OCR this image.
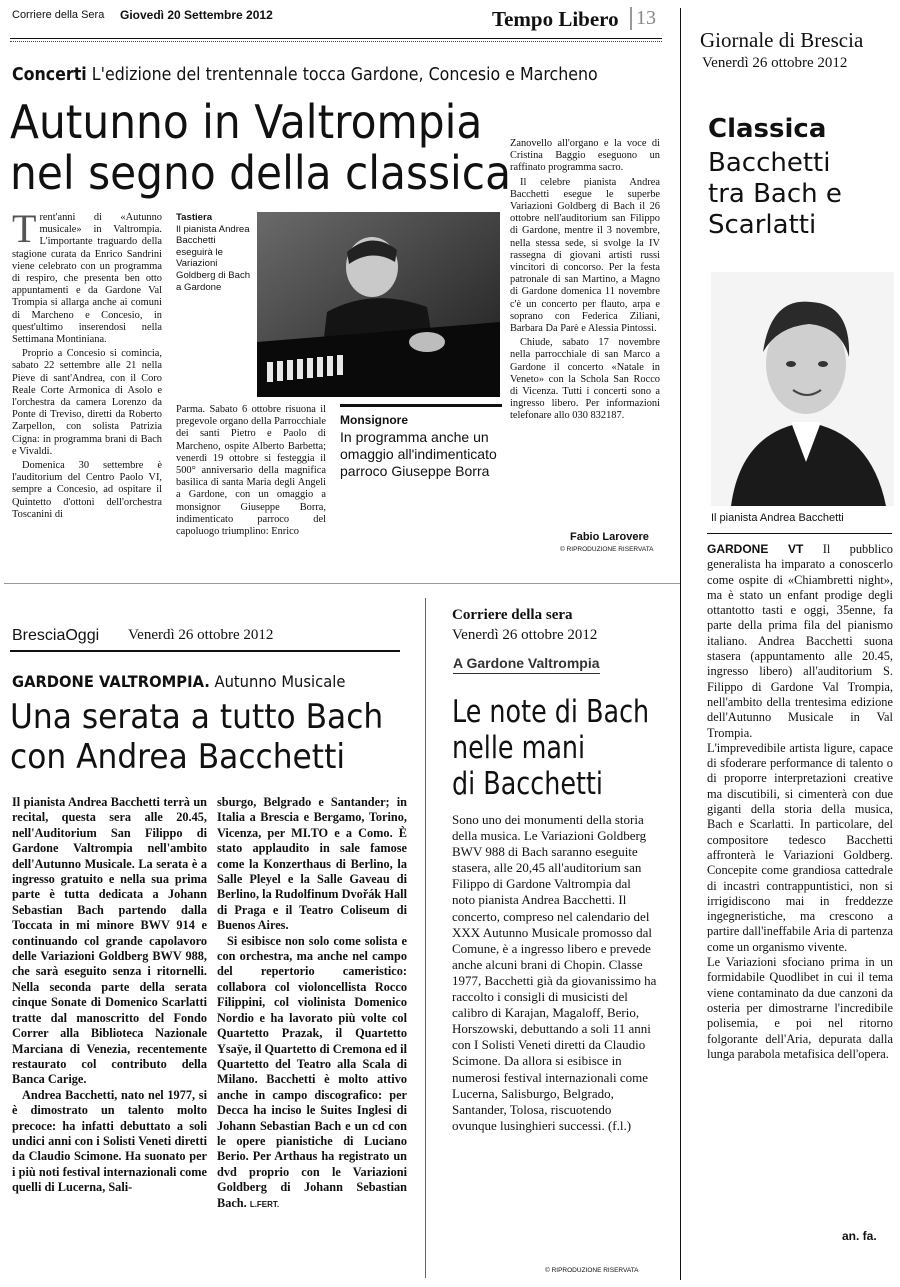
Corriere della Sera Giovedì 20 Settembre 2012	Tempo Libero 13
Concerti L'edizione del trentennale tocca Gardone, Concesio e Marcheno
Autunno in Valtrompia
nel segno della classica
T rent'anni di «Autunno musicale» in Valtrompia. L'importante traguardo della stagione curata da Enrico Sandrini viene celebrato con un programma di respiro, che presenta ben otto appuntamenti e da Gardone Val Trompia si allarga anche ai comuni di Marcheno e Concesio, in quest'ultimo inserendosi nella Settimana Montiniana.

Proprio a Concesio si comincia, sabato 22 settembre alle 21 nella Pieve di sant'Andrea, con il Coro Reale Corte Armonica di Asolo e l'orchestra da camera Lorenzo da Ponte di Treviso, diretti da Roberto Zarpellon, con solista Patrizia Cigna: in programma brani di Bach e Vivaldi.

Domenica 30 settembre è l'auditorium del Centro Paolo VI, sempre a Concesio, ad ospitare il Quintetto d'ottoni dell'orchestra Toscanini di

Tastiera
Il pianista Andrea Bacchetti eseguirà le Variazioni Goldberg di Bach a Gardone
Parma. Sabato 6 ottobre risuona il pregevole organo della Parrocchiale dei santi Pietro e Paolo di Marcheno, ospite Alberto Barbetta; venerdì 19 ottobre si festeggia il 500° anniversario della magnifica basilica di santa Maria degli Angeli a Gardone, con un omaggio a monsignor Giuseppe Borra, indimenticato parroco del capoluogo triumplino: Enrico
Monsignore
In programma anche un omaggio all'indimenticato parroco Giuseppe Borra

Zanovello all'organo e la voce di Cristina Baggio eseguono un raffinato programma sacro.

Il celebre pianista Andrea Bacchetti esegue le superbe Variazioni Goldberg di Bach il 26 ottobre nell'auditorium san Filippo di Gardone, mentre il 3 novembre, nella stessa sede, si svolge la IV rassegna di giovani artisti russi vincitori di concorso. Per la festa patronale di san Martino, a Magno di Gardone domenica 11 novembre c'è un concerto per flauto, arpa e soprano con Federica Ziliani, Barbara Da Parè e Alessia Pintossi.

Chiude, sabato 17 novembre nella parrocchiale di san Marco a Gardone il concerto «Natale in Veneto» con la Schola San Rocco di Vicenza. Tutti i concerti sono a ingresso libero. Per informazioni telefonare allo 030 832187.

Fabio Larovere
© RIPRODUZIONE RISERVATA
Giornale di Brescia
Venerdì 26 ottobre 2012
Classica
Bacchetti tra Bach e Scarlatti
Il pianista Andrea Bacchetti

GARDONE VT Il pubblico generalista ha imparato a conoscerlo come ospite di «Chiambretti night», ma è stato un enfant prodige degli ottantotto tasti e oggi, 35enne, fa parte della prima fila del pianismo italiano. Andrea Bacchetti suona stasera (appuntamento alle 20.45, ingresso libero) all'auditorium S. Filippo di Gardone Val Trompia, nell'ambito della trentesima edizione dell'Autunno Musicale in Val Trompia.

L'imprevedibile artista ligure, capace di sfoderare performance di talento o di proporre interpretazioni creative ma discutibili, si cimenterà con due giganti della storia della musica, Bach e Scarlatti. In particolare, del compositore tedesco Bacchetti affronterà le Variazioni Goldberg. Concepite come grandiosa cattedrale di incastri contrappuntistici, non si irrigidiscono mai in freddezze ingegneristiche, ma crescono a partire dall'ineffabile Aria di partenza come un organismo vivente.

Le Variazioni sfociano prima in un formidabile Quodlibet in cui il tema viene contaminato da due canzoni da osteria per dimostrarne l'incredibile polisemia, e poi nel ritorno folgorante dell'Aria, depurata dalla lunga parabola metafisica dell'opera.

an. fa.
BresciaOggi Venerdì 26 ottobre 2012
GARDONE VALTROMPIA. Autunno Musicale
Una serata a tutto Bach
con Andrea Bacchetti

Il pianista Andrea Bacchetti terrà un recital, questa sera alle 20.45, nell'Auditorium San Filippo di Gardone Valtrompia nell'ambito dell'Autunno Musicale. La serata è a ingresso gratuito e nella sua prima parte è tutta dedicata a Johann Sebastian Bach partendo dalla Toccata in mi minore BWV 914 e continuando col grande capolavoro delle Variazioni Goldberg BWV 988, che sarà eseguito senza i ritornelli. Nella seconda parte della serata cinque Sonate di Domenico Scarlatti tratte dal manoscritto del Fondo Correr alla Biblioteca Nazionale Marciana di Venezia, recentemente restaurato col contributo della Banca Carige.

Andrea Bacchetti, nato nel 1977, si è dimostrato un talento molto precoce: ha infatti debuttato a soli undici anni con i Solisti Veneti diretti da Claudio Scimone. Ha suonato per i più noti festival internazionali come quelli di Lucerna, Sali-

sburgo, Belgrado e Santander; in Italia a Brescia e Bergamo, Torino, Vicenza, per MI.TO e a Como. È stato applaudito in sale famose come la Konzerthaus di Berlino, la Salle Pleyel e la Salle Gaveau di Berlino, la Rudolfinum Dvořák Hall di Praga e il Teatro Coliseum di Buenos Aires.

Si esibisce non solo come solista e con orchestra, ma anche nel campo del repertorio cameristico: collabora col violoncellista Rocco Filippini, col violinista Domenico Nordio e ha lavorato più volte col Quartetto Prazak, il Quartetto Ysaÿe, il Quartetto di Cremona ed il Quartetto del Teatro alla Scala di Milano. Bacchetti è molto attivo anche in campo discografico: per Decca ha inciso le Suites Inglesi di Johann Sebastian Bach e un cd con le opere pianistiche di Luciano Berio. Per Arthaus ha registrato un dvd proprio con le Variazioni Goldberg di Johann Sebastian Bach. L.FERT.

Corriere della sera
Venerdì 26 ottobre 2012
A Gardone Valtrompia
Le note di Bach
nelle mani
di Bacchetti
Sono uno dei monumenti della storia della musica. Le Variazioni Goldberg BWV 988 di Bach saranno eseguite stasera, alle 20,45 all'auditorium san Filippo di Gardone Valtrompia dal noto pianista Andrea Bacchetti. Il concerto, compreso nel calendario del XXX Autunno Musicale promosso dal Comune, è a ingresso libero e prevede anche alcuni brani di Chopin. Classe 1977, Bacchetti già da giovanissimo ha raccolto i consigli di musicisti del calibro di Karajan, Magaloff, Berio, Horszowski, debuttando a soli 11 anni con I Solisti Veneti diretti da Claudio Scimone. Da allora si esibisce in numerosi festival internazionali come Lucerna, Salisburgo, Belgrado, Santander, Tolosa, riscuotendo ovunque lusinghieri successi. (f.l.)
© RIPRODUZIONE RISERVATA
